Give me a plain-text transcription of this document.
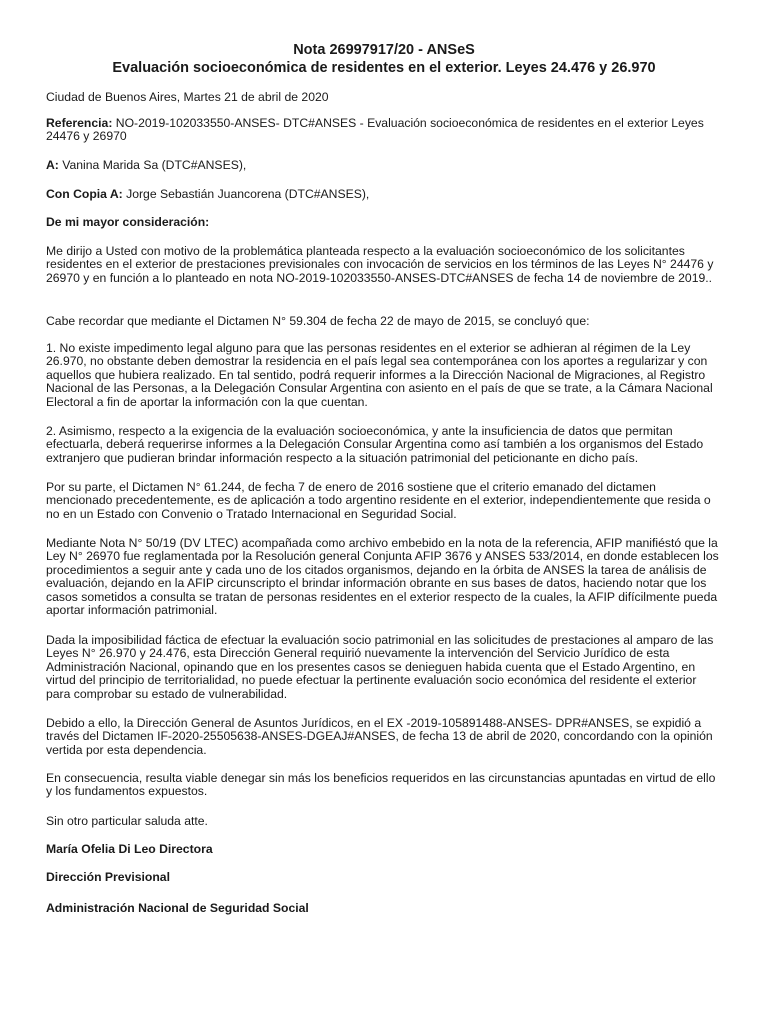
Nota 26997917/20 - ANSeS
Evaluación socioeconómica de residentes en el exterior. Leyes 24.476 y 26.970

Ciudad de Buenos Aires, Martes 21 de abril de 2020

Referencia: NO-2019-102033550-ANSES- DTC#ANSES - Evaluación socioeconómica de residentes en el exterior Leyes 24476 y 26970

A: Vanina Marida Sa (DTC#ANSES),

Con Copia A: Jorge Sebastián Juancorena (DTC#ANSES),

De mi mayor consideración:

Me dirijo a Usted con motivo de la problemática planteada respecto a la evaluación socioeconómico de los solicitantes residentes en el exterior de prestaciones previsionales con invocación de servicios en los términos de las Leyes N° 24476 y 26970 y en función a lo planteado en nota NO-2019-102033550-ANSES-DTC#ANSES de fecha 14 de noviembre de 2019..

Cabe recordar que mediante el Dictamen N° 59.304 de fecha 22 de mayo de 2015, se concluyó que:

1. No existe impedimento legal alguno para que las personas residentes en el exterior se adhieran al régimen de la Ley 26.970, no obstante deben demostrar la residencia en el país legal sea contemporánea con los aportes a regularizar y con aquellos que hubiera realizado. En tal sentido, podrá requerir informes a la Dirección Nacional de Migraciones, al Registro Nacional de las Personas, a la Delegación Consular Argentina con asiento en el país de que se trate, a la Cámara Nacional Electoral a fin de aportar la información con la que cuentan.

2. Asimismo, respecto a la exigencia de la evaluación socioeconómica, y ante la insuficiencia de datos que permitan efectuarla, deberá requerirse informes a la Delegación Consular Argentina como así también a los organismos del Estado extranjero que pudieran brindar información respecto a la situación patrimonial del peticionante en dicho país.

Por su parte, el Dictamen N° 61.244, de fecha 7 de enero de 2016 sostiene que el criterio emanado del dictamen mencionado precedentemente, es de aplicación a todo argentino residente en el exterior, independientemente que resida o no en un Estado con Convenio o Tratado Internacional en Seguridad Social.

Mediante Nota N° 50/19 (DV LTEC) acompañada como archivo embebido en la nota de la referencia, AFIP manifiéstó que la Ley N° 26970 fue reglamentada por la Resolución general Conjunta AFIP 3676 y ANSES 533/2014, en donde establecen los procedimientos a seguir ante y cada uno de los citados organismos, dejando en la órbita de ANSES la tarea de análisis de evaluación, dejando en la AFIP circunscripto el brindar información obrante en sus bases de datos, haciendo notar que los casos sometidos a consulta se tratan de personas residentes en el exterior respecto de la cuales, la AFIP difícilmente pueda aportar información patrimonial.

Dada la imposibilidad fáctica de efectuar la evaluación socio patrimonial en las solicitudes de prestaciones al amparo de las Leyes N° 26.970 y 24.476, esta Dirección General requirió nuevamente la intervención del Servicio Jurídico de esta Administración Nacional, opinando que en los presentes casos se denieguen habida cuenta que el Estado Argentino, en virtud del principio de territorialidad, no puede efectuar la pertinente evaluación socio económica del residente el exterior para comprobar su estado de vulnerabilidad.

Debido a ello, la Dirección General de Asuntos Jurídicos, en el EX -2019-105891488-ANSES- DPR#ANSES, se expidió a través del Dictamen IF-2020-25505638-ANSES-DGEAJ#ANSES, de fecha 13 de abril de 2020, concordando con la opinión vertida por esta dependencia.

En consecuencia, resulta viable denegar sin más los beneficios requeridos en las circunstancias apuntadas en virtud de ello y los fundamentos expuestos.

Sin otro particular saluda atte.

María Ofelia Di Leo Directora
Dirección Previsional
Administración Nacional de Seguridad Social
